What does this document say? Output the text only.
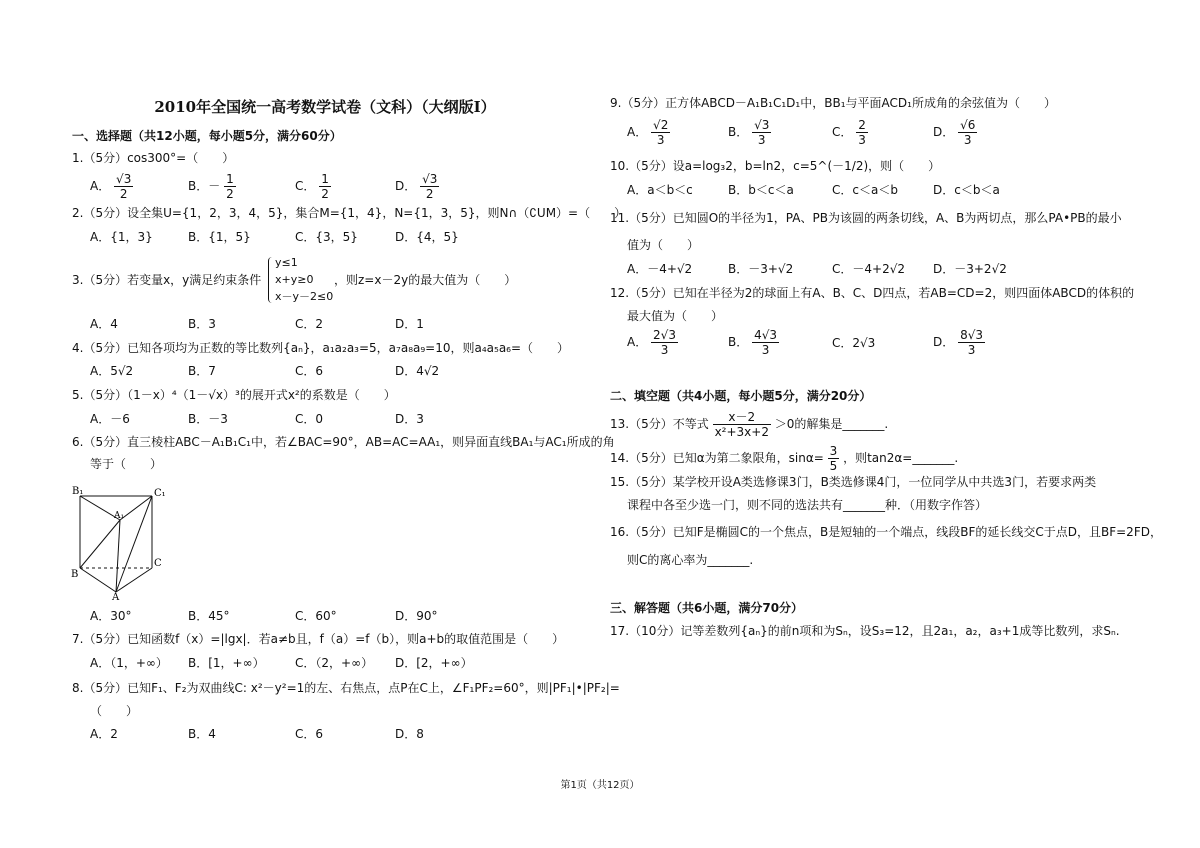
2010年全国统一高考数学试卷（文科）（大纲版Ⅰ）
一、选择题（共12小题，每小题5分，满分60分）
1.（5分）cos300°=（　　）
A． $\frac{√3}{2}$	B．－ $\frac{1}{2}$	C． $\frac{1}{2}$	D． $\frac{√3}{2}$
2.（5分）设全集U={1，2，3，4，5}，集合M={1，4}，N={1，3，5}，则N∩（∁UM）=（　　）
A．{1，3}	B．{1，5}	C．{3，5}	D．{4，5}
3.（5分）若变量x，y满足约束条件
y≤1
x+y≥0
x－y－2≤0
，则z=x－2y的最大值为（　　）
A．4	B．3	C．2	D．1
4.（5分）已知各项均为正数的等比数列{aₙ}，a₁a₂a₃=5，a₇a₈a₉=10，则a₄a₅a₆=（　　）
A．5√2	B．7	C．6	D．4√2
5.（5分）（1－x）⁴（1－√x）³的展开式x²的系数是（　　）
A．－6	B．－3	C．0	D．3
6.（5分）直三棱柱ABC－A₁B₁C₁中，若∠BAC=90°，AB=AC=AA₁，则异面直线BA₁与AC₁所成的角
等于（　　）
B₁	C₁
A₁
B
C
A
A．30°	B．45°	C．60°	D．90°
7.（5分）已知函数f（x）=|lgx|．若a≠b且，f（a）=f（b），则a+b的取值范围是（　　）
A．（1，+∞） B．[1，+∞）	C．（2，+∞） D．[2，+∞）
8.（5分）已知F₁、F₂为双曲线C: x²－y²=1的左、右焦点，点P在C上，∠F₁PF₂=60°，则|PF₁|•|PF₂|=
（　　）
A．2	B．4	C．6	D．8
9.（5分）正方体ABCD－A₁B₁C₁D₁中，BB₁与平面ACD₁所成角的余弦值为（　　）
A． $\frac{√2}{3}$	B． $\frac{√3}{3}$	C． $\frac{2}{3}$	D． $\frac{√6}{3}$
10.（5分）设a=log₃2，b=ln2，c=5^(－1/2)，则（　　）
A．a＜b＜c	B．b＜c＜a	C．c＜a＜b	D．c＜b＜a
11.（5分）已知圆O的半径为1，PA、PB为该圆的两条切线，A、B为两切点，那么PA•PB的最小
值为（　　）
A．－4+√2	B．－3+√2	C．－4+2√2 D．－3+2√2
12.（5分）已知在半径为2的球面上有A、B、C、D四点，若AB=CD=2，则四面体ABCD的体积的
最大值为（　　）
A． $\frac{2√3}{3}$	B． $\frac{4√3}{3}$	C．2√3	D． $\frac{8√3}{3}$
二、填空题（共4小题，每小题5分，满分20分）
13.（5分）不等式 $\frac{x-2}{\text{x²+3x+2}} >0$的解集是_______.
14.（5分）已知α为第二象限角，$\sin\alpha= \frac{3}{5}$ ，则tan2α=_______.
15.（5分）某学校开设A类选修课3门，B类选修课4门，一位同学从中共选3门，若要求两类
课程中各至少选一门，则不同的选法共有_______种．（用数字作答）
16.（5分）已知F是椭圆C的一个焦点，B是短轴的一个端点，线段BF的延长线交C于点D，且BF=2FD，
则C的离心率为_______.
三、解答题（共6小题，满分70分）
17.（10分）记等差数列{aₙ}的前n项和为Sₙ，设S₃=12，且2a₁，a₂，a₃+1成等比数列，求Sₙ.
第1页（共12页）
